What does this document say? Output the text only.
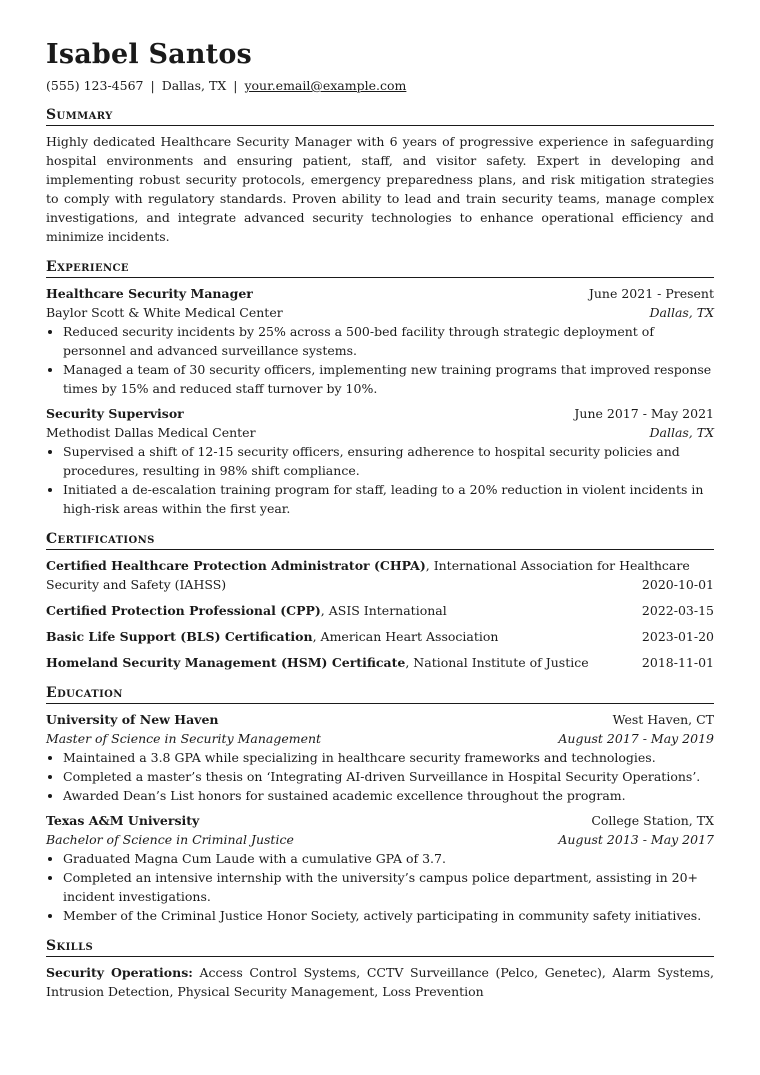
Isabel Santos
(555) 123-4567 | Dallas, TX | your.email@example.com
Summary

Highly dedicated Healthcare Security Manager with 6 years of progressive experience in safeguarding hospital environments and ensuring patient, staff, and visitor safety. Expert in developing and implementing robust security protocols, emergency preparedness plans, and risk mitigation strategies to comply with regulatory standards. Proven ability to lead and train security teams, manage complex investigations, and integrate advanced security technologies to enhance operational efficiency and minimize incidents.

Experience
Healthcare Security Manager	June 2021 - Present
Baylor Scott & White Medical Center	Dallas, TX
• Reduced security incidents by 25% across a 500-bed facility through strategic deployment of personnel and advanced surveillance systems.
• Managed a team of 30 security officers, implementing new training programs that improved response times by 15% and reduced staff turnover by 10%.
Security Supervisor	June 2017 - May 2021
Methodist Dallas Medical Center	Dallas, TX
• Supervised a shift of 12-15 security officers, ensuring adherence to hospital security policies and procedures, resulting in 98% shift compliance.
• Initiated a de-escalation training program for staff, leading to a 20% reduction in violent incidents in high-risk areas within the first year.
Certifications
Certified Healthcare Protection Administrator (CHPA), International Association for Healthcare
Security and Safety (IAHSS)	2020-10-01
Certified Protection Professional (CPP), ASIS International	2022-03-15
Basic Life Support (BLS) Certification, American Heart Association	2023-01-20
Homeland Security Management (HSM) Certificate, National Institute of Justice	2018-11-01
Education
University of New Haven	West Haven, CT
Master of Science in Security Management	August 2017 - May 2019
• Maintained a 3.8 GPA while specializing in healthcare security frameworks and technologies.
• Completed a master’s thesis on ‘Integrating AI-driven Surveillance in Hospital Security Operations’.
• Awarded Dean’s List honors for sustained academic excellence throughout the program.
Texas A&M University	College Station, TX
Bachelor of Science in Criminal Justice	August 2013 - May 2017
• Graduated Magna Cum Laude with a cumulative GPA of 3.7.
• Completed an intensive internship with the university’s campus police department, assisting in 20+ incident investigations.
• Member of the Criminal Justice Honor Society, actively participating in community safety initiatives.
Skills
Security Operations: Access Control Systems, CCTV Surveillance (Pelco, Genetec), Alarm Systems, Intrusion Detection, Physical Security Management, Loss Prevention
